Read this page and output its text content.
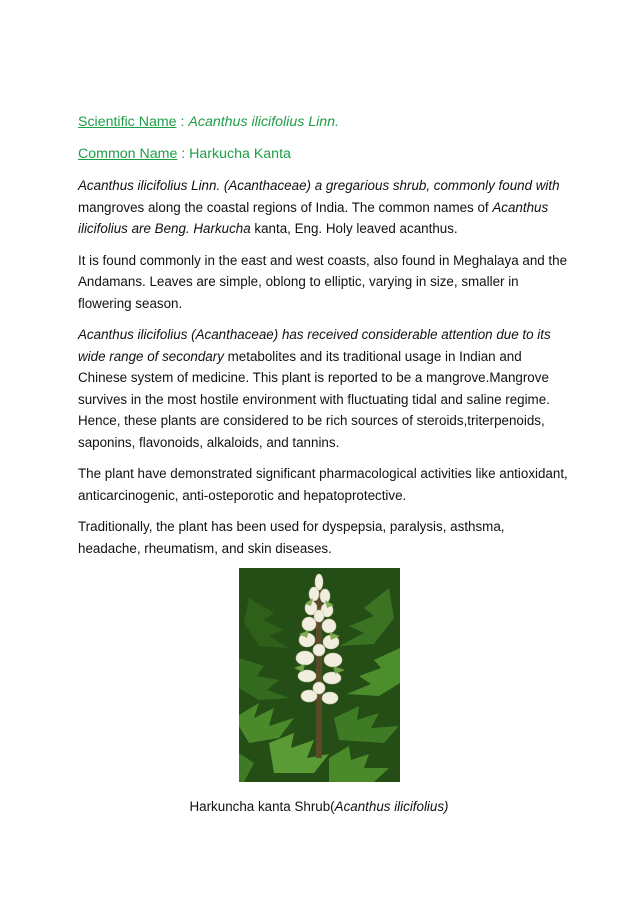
Scientific Name : Acanthus ilicifolius Linn.

Common Name : Harkucha Kanta

Acanthus ilicifolius Linn. (Acanthaceae) a gregarious shrub, commonly found with mangroves along the coastal regions of India. The common names of Acanthus ilicifolius are Beng. Harkucha kanta, Eng. Holy leaved acanthus.

It is found commonly in the east and west coasts, also found in Meghalaya and the Andamans. Leaves are simple, oblong to elliptic, varying in size, smaller in flowering season.

Acanthus ilicifolius (Acanthaceae) has received considerable attention due to its wide range of secondary metabolites and its traditional usage in Indian and Chinese system of medicine. This plant is reported to be a mangrove.Mangrove survives in the most hostile environment with fluctuating tidal and saline regime. Hence, these plants are considered to be rich sources of steroids,triterpenoids, saponins, flavonoids, alkaloids, and tannins.

The plant have demonstrated significant pharmacological activities like antioxidant, anticarcinogenic, anti-osteporotic and hepatoprotective.

Traditionally, the plant has been used for dyspepsia, paralysis, asthsma, headache, rheumatism, and skin diseases.

Harkuncha kanta Shrub(Acanthus ilicifolius)
